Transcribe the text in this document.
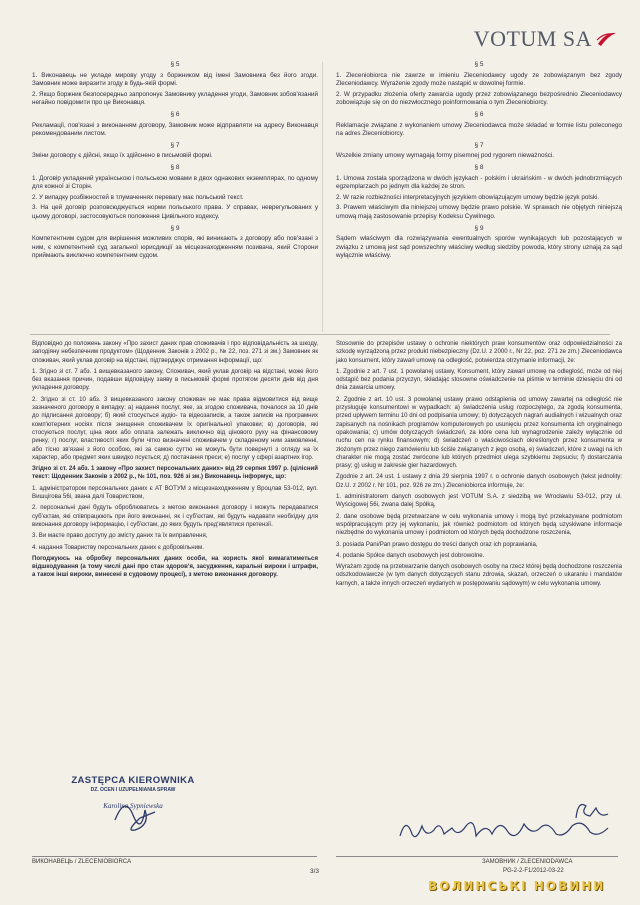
VOTUM SA
§ 5
1. Виконавець не укладе мирову угоду з боржником від імені Замовника без його згоди. Замовник може виразити згоду в будь-якій формі.
2. Якщо боржник безпосередньо запропонує Замовнику укладення угоди, Замовник зобов'язаний негайно повідомити про це Виконавця.
§ 6
Рекламації, пов'язані з виконанням договору, Замовник може відправляти на адресу Виконавця рекомендованим листом.
§ 7
Зміни договору є дійсні, якщо їх здійснено в письмовій формі.
§ 8
1. Договір укладений українською і польською мовами в двох однакових екземплярах, по одному для кожної зі Сторін.
2. У випадку розбіжностей в тлумаченнях перевагу має польський текст.
3. На цей договір розповсюджується норми польського права. У справах, неврегульованих у цьому договорі, застосовуються положення Цивільного кодексу.
§ 9
Компетентним судом для вирішення можливих спорів, які виникають з договору або пов'язані з ним, є компетентний суд загальної юрисдикції за місцезнаходженням позивача, який Сторони приймають виключно компетентним судом.
§ 5
1. Zleceniobiorca nie zawrze w imieniu Zleceniodawcy ugody ze zobowiązanym bez zgody Zleceniodawcy. Wyrażenie zgody może nastąpić w dowolnej formie.
2. W przypadku złożenia oferty zawarcia ugody przez zobowiązanego bezpośrednio Zleceniodawcy zobowiązuje się on do niezwłocznego poinformowania o tym Zleceniobiorcy.
§ 6
Reklamacje związane z wykonaniem umowy Zleceniodawca może składać w formie listu poleconego na adres Zleceniobiorcy.
§ 7
Wszelkie zmiany umowy wymagają formy pisemnej pod rygorem nieważności.
§ 8
1. Umowa została sporządzona w dwóch językach - polskim i ukraińskim - w dwóch jednobrzmiących egzemplarzach po jednym dla każdej ze stron.
2. W razie rozbieżności interpretacyjnych językiem obowiązującym umowy będzie język polski.
3. Prawem właściwym dla niniejszej umowy będzie prawo polskie. W sprawach nie objętych niniejszą umową mają zastosowanie przepisy Kodeksu Cywilnego.
§ 9
Sądem właściwym dla rozwiązywania ewentualnych sporów wynikających lub pozostających w związku z umową jest sąd powszechny właściwy według siedziby powoda, który strony uznają za sąd wyłącznie właściwy.
Відповідно до положень закону «Про захист даних прав споживачів і про відповідальність за шкоду, заподіяну небезпечним продуктом» (Щоденник Законів з 2002 р., № 22, поз. 271 зі зм.) Замовник як споживач, який уклав договір на відстані, підтверджує отримання інформації, що:
1. Згідно зі ст. 7 абз. 1 вищевказаного закону, Споживач, який уклав договір на відстані, може його без вказання причин, подавши відповідну заяву в письмовій формі протягом десяти днів від дня укладення договору.
2. Згідно зі ст. 10 абз. 3 вищевказаного закону споживач не має права відмовитися від вище зазначеного договору в випадку: а) надання послуг, яке, за згодою споживача, почалося за 10 днів до підписання договору; б) який стосується аудіо- та відеозаписів, а також записів на програмних комп'ютерних носіях після знищення споживачем їх оригінальної упаковки; в) договорів, які стосуються послуг, ціна яких або оплата залежать виключно від цінового руху на фінансовому ринку; г) послуг, властивості яких були чітко визначені споживачем у складеному ним замовленні, або тісно зв'язані з його особою, які за самою суттю не можуть бути повернуті з огляду на їх характер, або предмет яких швидко псується; д) постачання преси; е) послуг у сфері азартних ігор.
Згідно зі ст. 24 абз. 1 закону «Про захист персональних даних» від 29 серпня 1997 р. (цілісний текст: Щоденник Законів з 2002 р., № 101, поз. 926 зі зм.) Виконавець інформує, що:
1. адміністратором персональних даних є АТ ВОТУМ з місцезнаходженням у Вроцлав 53-012, вул. Вишцігова 56і, звана далі Товариством,
2. персональні дані будуть оброблюватись з метою виконання договору і можуть передаватися суб'єктам, які співпрацюють при його виконанні, як і суб'єктам, які будуть надавати необхідну для виконання договору інформацію, і суб'єктам, до яких будуть пред'являтися претензії.
3. Ви маєте право доступу до змісту даних та їх виправлення,
4. надання Товариству персональних даних є добровільним.
Погоджуюсь на обробку персональних даних особи, на користь якої вимагатиметься відшкодування (а тому числі дані про стан здоров'я, засудження, каральні вироки і штрафи, а також інші вироки, винесені в судовому процесі), з метою виконання договору.
Stosownie do przepisów ustawy o ochronie niektórych praw konsumentów oraz odpowiedzialności za szkodę wyrządzoną przez produkt niebezpieczny (Dz.U. z 2000 r., Nr 22, poz. 271 ze zm.) Zleceniodawca jako konsument, który zawarł umowę na odległość, potwierdza otrzymanie informacji, że:
1. Zgodnie z art. 7 ust. 1 powołanej ustawy, Konsument, który zawarł umowę na odległość, może od niej odstąpić bez podania przyczyn, składając stosowne oświadczenie na piśmie w terminie dziesięciu dni od dnia zawarcia umowy.
2. Zgodnie z art. 10 ust. 3 powołanej ustawy prawo odstąpienia od umowy zawartej na odległość nie przysługuje konsumentowi w wypadkach: a) świadczenia usług rozpoczętego, za zgodą konsumenta, przed upływem terminu 10 dni od podpisania umowy; b) dotyczących nagrań audialnych i wizualnych oraz zapisanych na nośnikach programów komputerowych po usunięciu przez konsumenta ich oryginalnego opakowania; c) umów dotyczących świadczeń, za które cena lub wynagrodzenie zależy wyłącznie od ruchu cen na rynku finansowym; d) świadczeń o właściwościach określonych przez konsumenta w złożonym przez niego zamówieniu lub ściśle związanych z jego osobą, e) świadczeń, które z uwagi na ich charakter nie mogą zostać zwrócone lub których przedmiot ulega szybkiemu zepsuciu; f) dostarczania prasy; g) usług w zakresie gier hazardowych.
Zgodnie z art. 24 ust. 1 ustawy z dnia 29 sierpnia 1997 r. o ochronie danych osobowych (tekst jednolity: Dz.U. z 2002 r. Nr 101, poz. 926 ze zm.) Zleceniobiorca informuje, że:
1. administratorem danych osobowych jest VOTUM S.A. z siedzibą we Wrocławiu 53-012, przy ul. Wyścigowej 56i, zwana dalej Spółką,
2. dane osobowe będą przetwarzane w celu wykonania umowy i mogą być przekazywane podmiotom współpracującym przy jej wykonaniu, jak również podmiotom od których będą uzyskiwane informacje niezbędne do wykonania umowy i podmiotom od których będą dochodzone roszczenia,
3. posiada Pani/Pan prawo dostępu do treści danych oraz ich poprawiania,
4. podanie Spółce danych osobowych jest dobrowolne.
Wyrażam zgodę na przetwarzanie danych osobowych osoby na rzecz której będą dochodzone roszczenia odszkodowawcze (w tym danych dotyczących stanu zdrowia, skazań, orzeczeń o ukaraniu i mandatów karnych, a także innych orzeczeń wydanych w postępowaniu sądowym) w celu wykonania umowy.
ZASTĘPCA KIEROWNIKA
DZ. OCEN I UZUPEŁNIANIA SPRAW
Karolina Sypniewska
ВИКОНАВЕЦЬ / ZLECENIOBIORCA	ЗАМОВНИК / ZLECENIODAWCA
3/3	PG-2-2-F1/2012-03-22
ВОЛИНСЬКІ НОВИНИ
